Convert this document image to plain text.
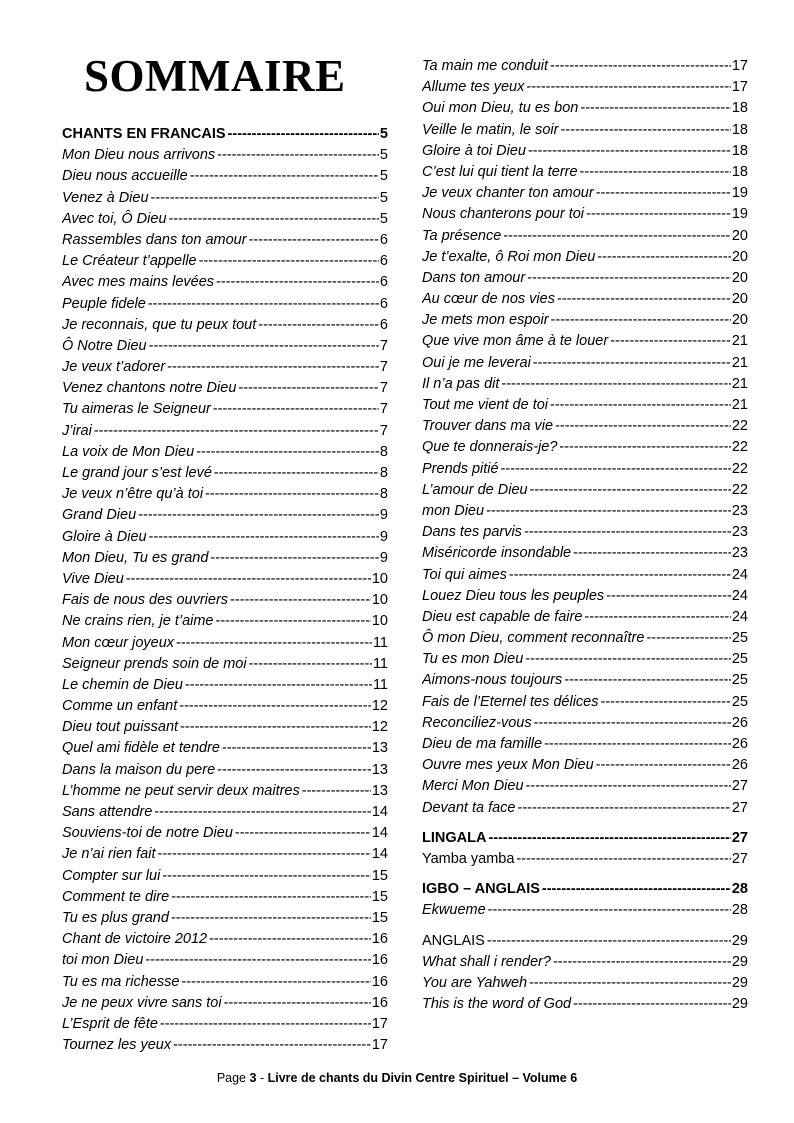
SOMMAIRE
CHANTS EN FRANCAIS -----	5
Mon Dieu nous arrivons -----	5
Dieu nous accueille -----	5
Venez à Dieu -----	5
Avec toi, Ô Dieu -----	5
Rassembles dans ton amour -----	6
Le Créateur t’appelle -----	6
Avec mes mains levées -----	6
Peuple fidele -----	6
Je reconnais, que tu peux tout -----	6
Ô Notre Dieu -----	7
Je veux t’adorer -----	7
Venez chantons notre Dieu -----	7
Tu aimeras le Seigneur -----	7
J’irai -----	7
La voix de Mon Dieu -----	8
Le grand jour s’est levé -----	8
Je veux n’être qu’à toi -----	8
Grand Dieu -----	9
Gloire à Dieu -----	9
Mon Dieu, Tu es grand -----	9
Vive Dieu -----	10
Fais de nous des ouvriers -----	10
Ne crains rien, je t’aime -----	10
Mon cœur joyeux -----	11
Seigneur prends soin de moi -----	11
Le chemin de Dieu -----	11
Comme un enfant -----	12
Dieu tout puissant -----	12
Quel ami fidèle et tendre -----	13
Dans la maison du pere -----	13
L’homme ne peut servir deux maitres -----	13
Sans attendre -----	14
Souviens-toi de notre Dieu -----	14
Je n’ai rien fait -----	14
Compter sur lui -----	15
Comment te dire -----	15
Tu es plus grand -----	15
Chant de victoire 2012 -----	16
toi mon Dieu -----	16
Tu es ma richesse -----	16
Je ne peux vivre sans toi -----	16
L’Esprit de fête -----	17
Tournez les yeux -----	17
Ta main me conduit -----	17
Allume tes yeux -----	17
Oui mon Dieu, tu es bon -----	18
Veille le matin, le soir -----	18
Gloire à toi Dieu -----	18
C’est lui qui tient la terre -----	18
Je veux chanter ton amour -----	19
Nous chanterons pour toi -----	19
Ta présence -----	20
Je t’exalte, ô Roi mon Dieu -----	20
Dans ton amour -----	20
Au cœur de nos vies -----	20
Je mets mon espoir -----	20
Que vive mon âme à te louer -----	21
Oui je me leverai -----	21
Il n’a pas dit -----	21
Tout me vient de toi -----	21
Trouver dans ma vie -----	22
Que te donnerais-je? -----	22
Prends pitié -----	22
L’amour de Dieu -----	22
mon Dieu -----	23
Dans tes parvis -----	23
Miséricorde insondable -----	23
Toi qui aimes -----	24
Louez Dieu tous les peuples -----	24
Dieu est capable de faire -----	24
Ô mon Dieu, comment reconnaître -----	25
Tu es mon Dieu -----	25
Aimons-nous toujours -----	25
Fais de l’Eternel tes délices -----	25
Reconciliez-vous -----	26
Dieu de ma famille -----	26
Ouvre mes yeux Mon Dieu -----	26
Merci Mon Dieu -----	27
Devant ta face -----	27
LINGALA -----	27
Yamba yamba -----	27
IGBO – ANGLAIS -----	28
Ekwueme -----	28
ANGLAIS -----	29
What shall i render? -----	29
You are Yahweh -----	29
This is the word of God -----	29
Page 3 - Livre de chants du Divin Centre Spirituel – Volume 6
